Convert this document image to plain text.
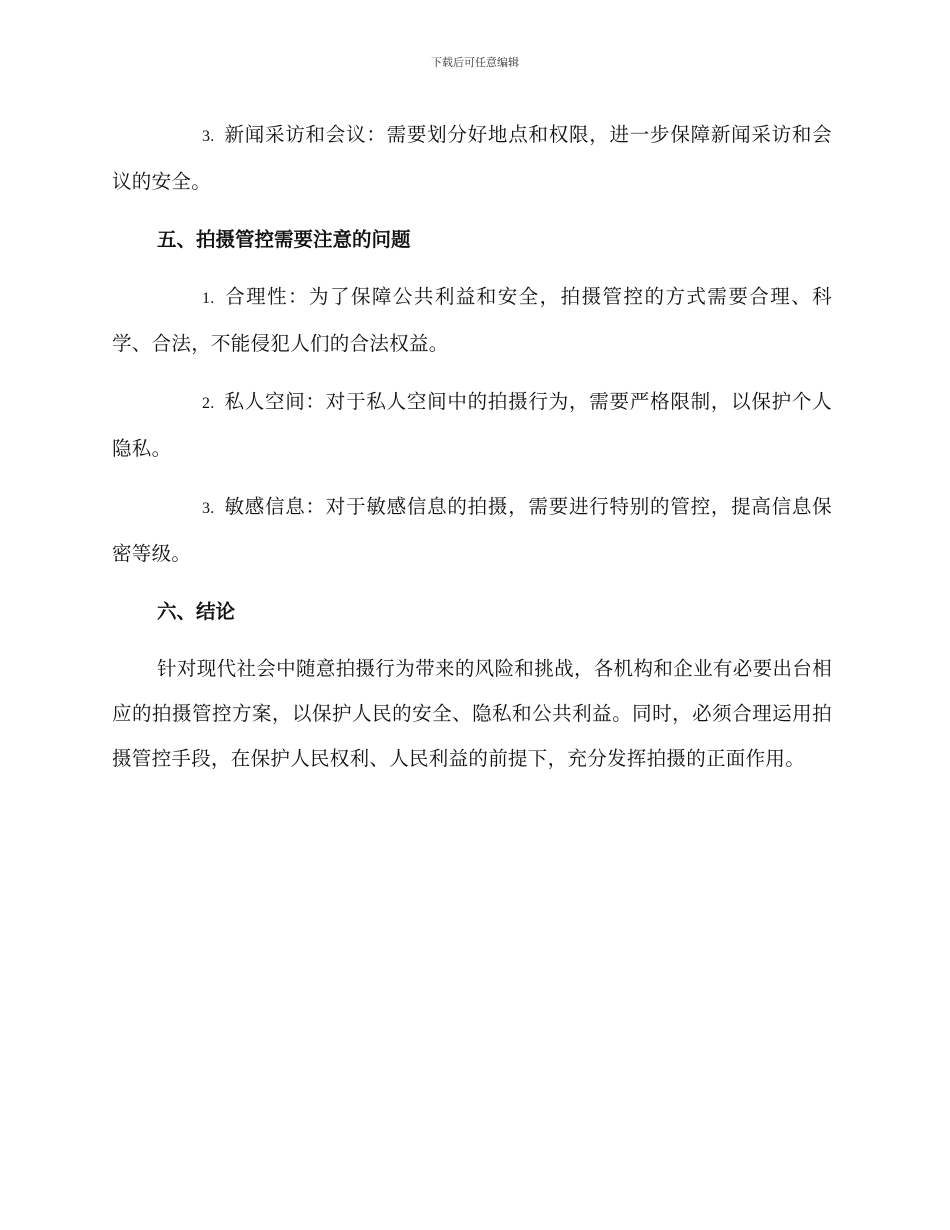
下载后可任意编辑

3. 新闻采访和会议：需要划分好地点和权限，进一步保障新闻采访和会议的安全。

五、拍摄管控需要注意的问题

1. 合理性：为了保障公共利益和安全，拍摄管控的方式需要合理、科学、合法，不能侵犯人们的合法权益。

2. 私人空间：对于私人空间中的拍摄行为，需要严格限制，以保护个人隐私。

3. 敏感信息：对于敏感信息的拍摄，需要进行特别的管控，提高信息保密等级。

六、结论

针对现代社会中随意拍摄行为带来的风险和挑战，各机构和企业有必要出台相应的拍摄管控方案，以保护人民的安全、隐私和公共利益。同时，必须合理运用拍摄管控手段，在保护人民权利、人民利益的前提下，充分发挥拍摄的正面作用。
